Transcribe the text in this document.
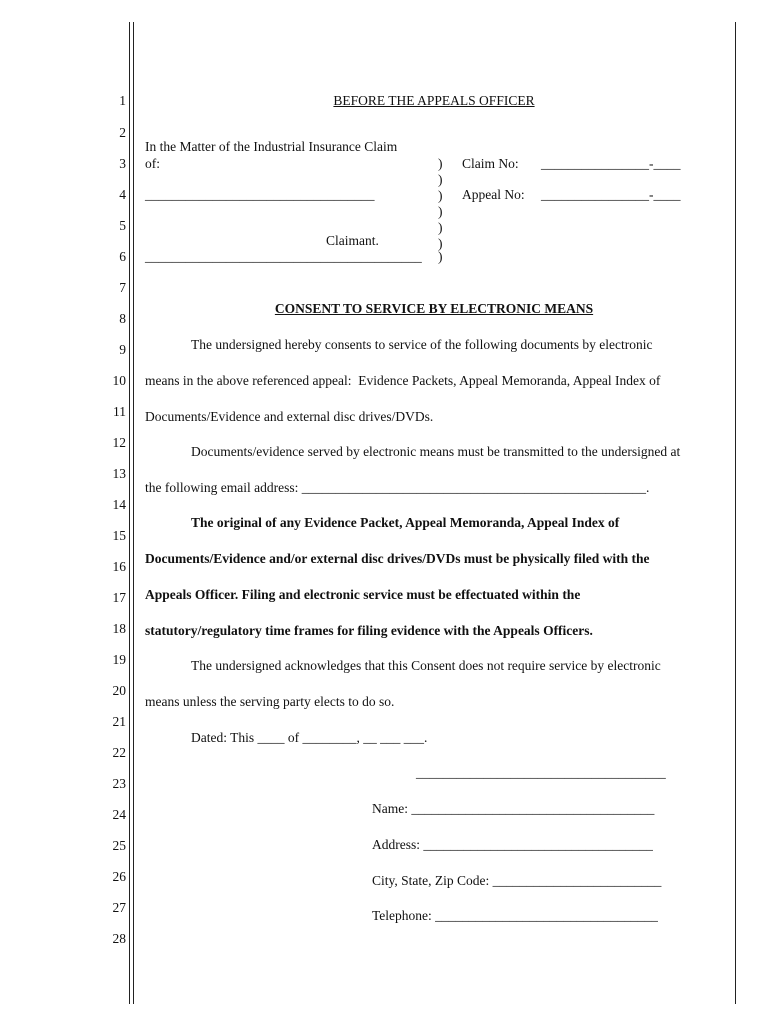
1
2
3
4
5
6
7
8
9
10
11
12
13
14
15
16
17
18
19
20
21
22
23
24
25
26
27
28
BEFORE THE APPEALS OFFICER
In the Matter of the Industrial Insurance Claim
of:
__________________________________
Claimant.
_________________________________________
)
)
)
)
)
)
)
Claim No: ________________-____
Appeal No: ________________-____
CONSENT TO SERVICE BY ELECTRONIC MEANS
The undersigned hereby consents to service of the following documents by electronic
means in the above referenced appeal:  Evidence Packets, Appeal Memoranda, Appeal Index of
Documents/Evidence and external disc drives/DVDs.
Documents/evidence served by electronic means must be transmitted to the undersigned at
the following email address: ___________________________________________________.
The original of any Evidence Packet, Appeal Memoranda, Appeal Index of
Documents/Evidence and/or external disc drives/DVDs must be physically filed with the
Appeals Officer. Filing and electronic service must be effectuated within the
statutory/regulatory time frames for filing evidence with the Appeals Officers.
The undersigned acknowledges that this Consent does not require service by electronic
means unless the serving party elects to do so.
Dated: This ____ of ________, __ ___ ___.
_____________________________________
Name: ____________________________________
Address: __________________________________
City, State, Zip Code: _________________________
Telephone: _________________________________
